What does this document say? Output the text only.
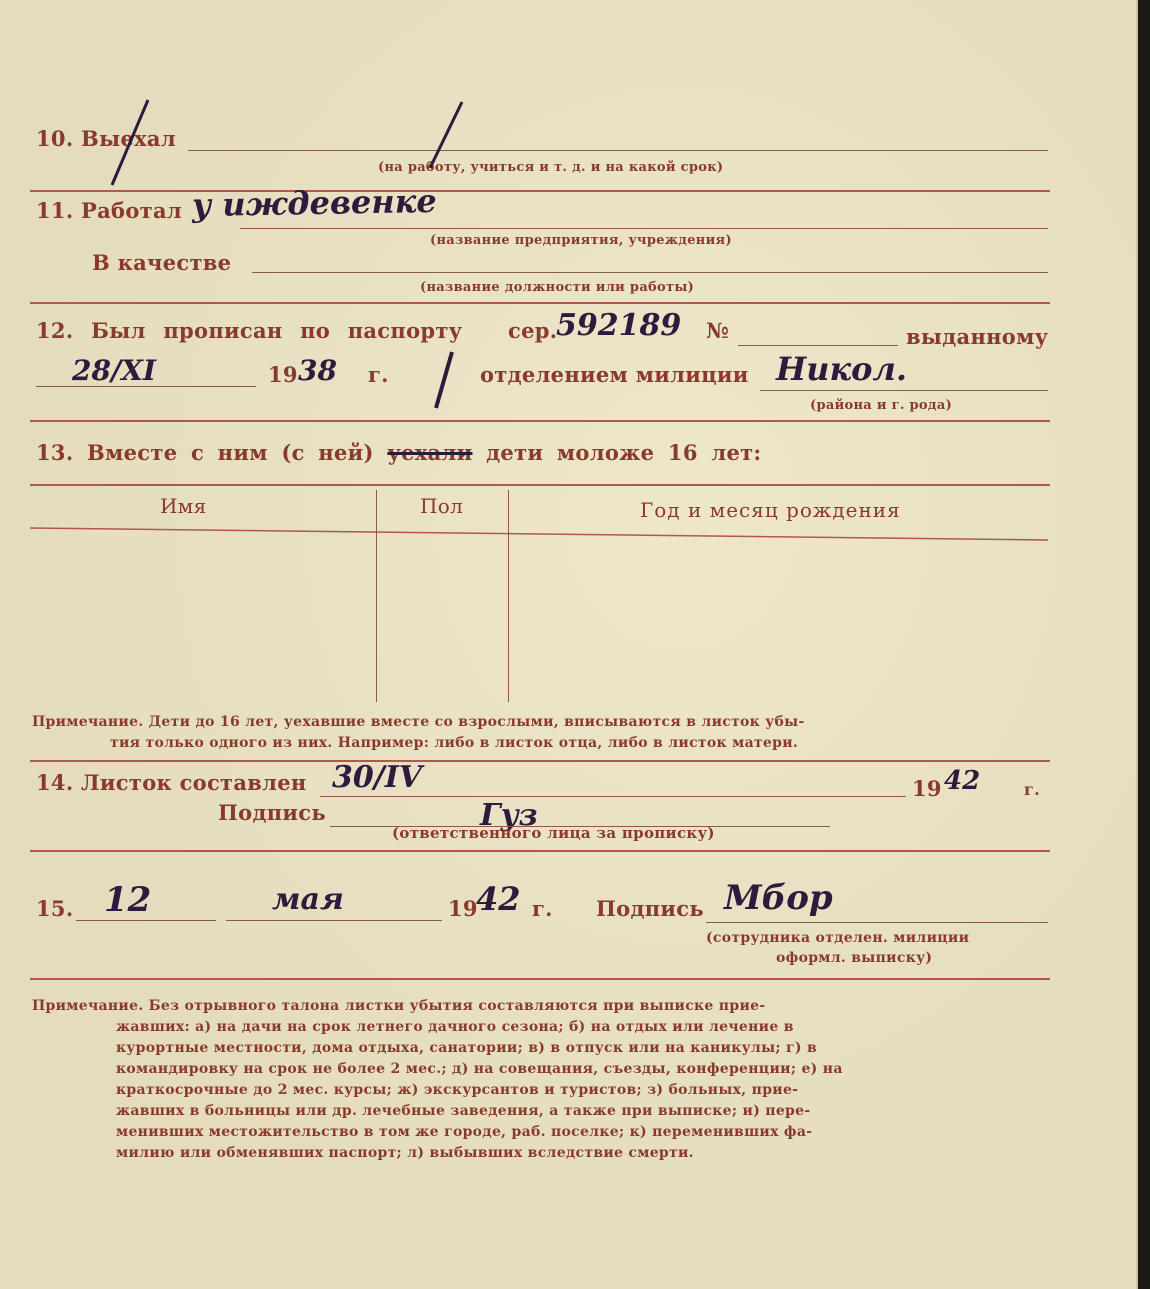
10. Выехал
(на работу, учиться и т. д. и на какой срок)
11. Работал у иждевенке
(название предприятия, учреждения)
В качестве
(название должности или работы)
12. Был прописан по паспорту сер.
592189 №	выданному
28/XI	19 38 г.	отделением милиции Никол.
(района и г. рода)
13. Вместе с ним (с ней) уехали дети моложе 16 лет:
Имя	Пол	Год и месяц рождения
Примечание. Дети до 16 лет, уехавшие вместе со взрослыми, вписываются в листок убы-
тия только одного из них. Например: либо в листок отца, либо в листок матери.
14. Листок составлен 30/IV	19 42	г.
Подпись	Гуз
(ответственного лица за прописку)
15. 12	мая	19
42 г. Подпись Мбор
(сотрудника отделен. милиции
оформл. выписку)
Примечание. Без отрывного талона листки убытия составляются при выписке прие-
жавших: а) на дачи на срок летнего дачного сезона; б) на отдых или лечение в
курортные местности, дома отдыха, санатории; в) в отпуск или на каникулы; г) в
командировку на срок не более 2 мес.; д) на совещания, съезды, конференции; е) на
краткосрочные до 2 мес. курсы; ж) экскурсантов и туристов; з) больных, прие-
жавших в больницы или др. лечебные заведения, а также при выписке; и) пере-
менивших местожительство в том же городе, раб. поселке; к) переменивших фа-
милию или обменявших паспорт; л) выбывших вследствие смерти.
